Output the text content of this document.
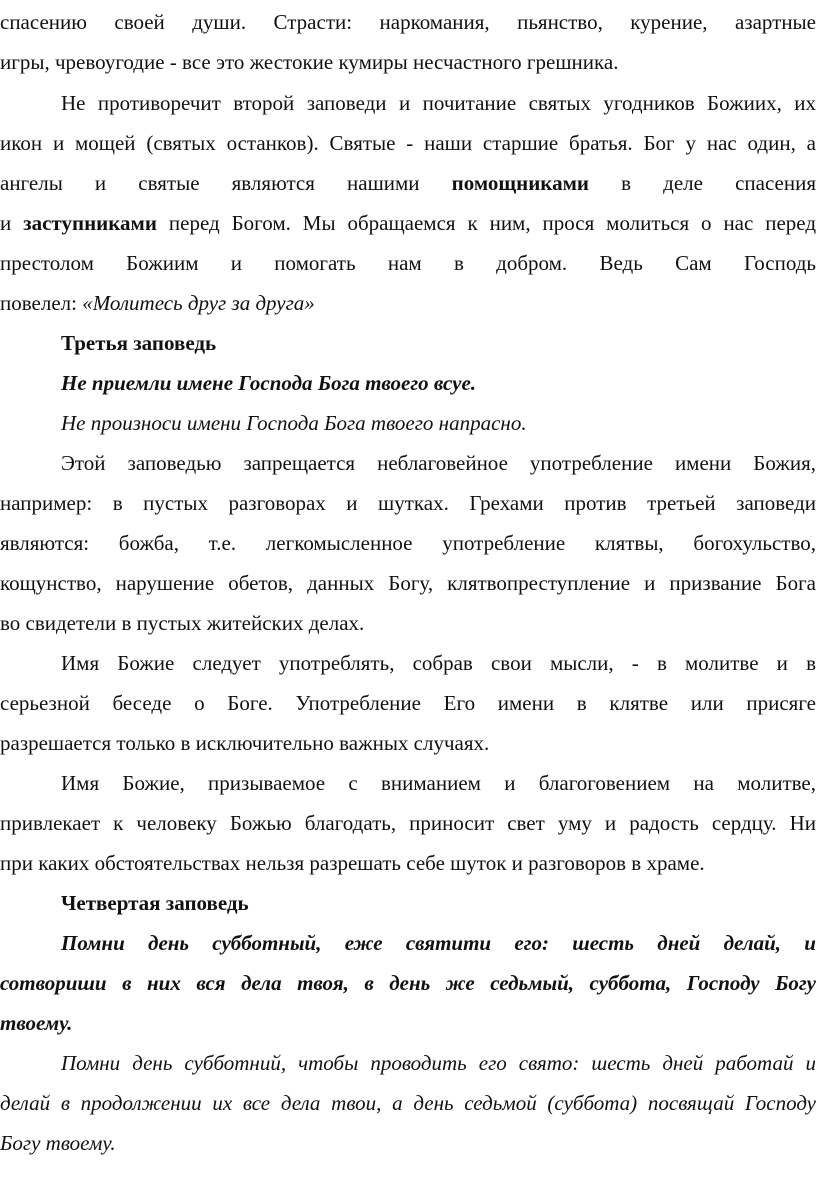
спасению своей души. Страсти: наркомания, пьянство, курение, азартные

игры, чревоугодие - все это жестокие кумиры несчастного грешника.

Не противоречит второй заповеди и почитание святых угодников Божиих, их

икон и мощей (святых останков). Святые - наши старшие братья. Бог у нас один, а

ангелы и святые являются нашими помощниками в деле спасения

и заступниками перед Богом. Мы обращаемся к ним, прося молиться о нас перед

престолом Божиим и помогать нам в добром. Ведь Сам Господь

повелел: «Молитесь друг за друга»

Третья заповедь

Не приемли имене Господа Бога твоего всуе.

Не произноси имени Господа Бога твоего напрасно.

Этой заповедью запрещается неблаговейное употребление имени Божия,

например: в пустых разговорах и шутках. Грехами против третьей заповеди

являются: божба, т.е. легкомысленное употребление клятвы, богохульство,

кощунство, нарушение обетов, данных Богу, клятвопреступление и призвание Бога

во свидетели в пустых житейских делах.

Имя Божие следует употреблять, собрав свои мысли, - в молитве и в

серьезной беседе о Боге. Употребление Его имени в клятве или присяге

разрешается только в исключительно важных случаях.

Имя Божие, призываемое с вниманием и благоговением на молитве,

привлекает к человеку Божью благодать, приносит свет уму и радость сердцу. Ни

при каких обстоятельствах нельзя разрешать себе шуток и разговоров в храме.

Четвертая заповедь

Помни день субботный, еже святити его: шесть дней делай, и

сотвориши в них вся дела твоя, в день же седьмый, суббота, Господу Богу

твоему.

Помни день субботний, чтобы проводить его свято: шесть дней работай и

делай в продолжении их все дела твои, а день седьмой (суббота) посвящай Господу

Богу твоему.
